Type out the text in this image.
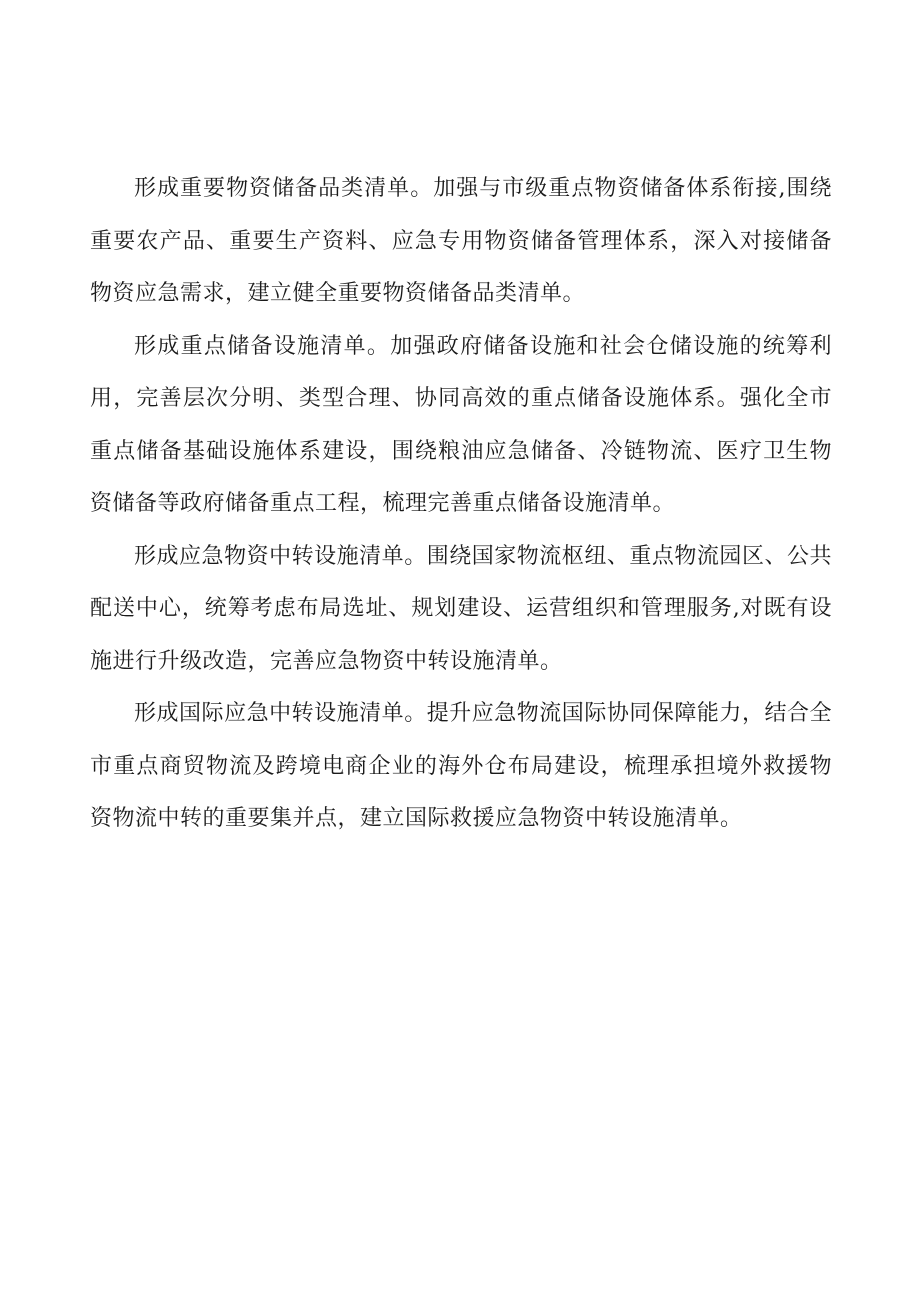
形成重要物资储备品类清单。加强与市级重点物资储备体系衔接,围绕重要农产品、重要生产资料、应急专用物资储备管理体系，深入对接储备物资应急需求，建立健全重要物资储备品类清单。

形成重点储备设施清单。加强政府储备设施和社会仓储设施的统筹利用，完善层次分明、类型合理、协同高效的重点储备设施体系。强化全市重点储备基础设施体系建设，围绕粮油应急储备、冷链物流、医疗卫生物资储备等政府储备重点工程，梳理完善重点储备设施清单。

形成应急物资中转设施清单。围绕国家物流枢纽、重点物流园区、公共配送中心，统筹考虑布局选址、规划建设、运营组织和管理服务,对既有设施进行升级改造，完善应急物资中转设施清单。

形成国际应急中转设施清单。提升应急物流国际协同保障能力，结合全市重点商贸物流及跨境电商企业的海外仓布局建设，梳理承担境外救援物资物流中转的重要集并点，建立国际救援应急物资中转设施清单。
